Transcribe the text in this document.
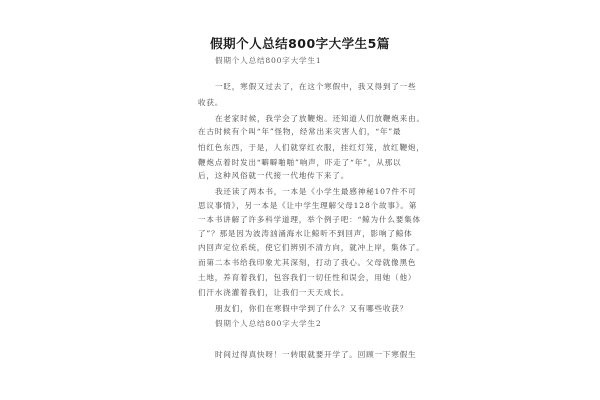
假期个人总结800字大学生5篇
假期个人总结800字大学生1
一眨，寒假又过去了，在这个寒假中，我又得到了一些
收获。
在老家时候，我学会了放鞭炮。还知道人们放鞭炮来由。
在古时候有个叫“年”怪物，经常出来灾害人们，“年”最
怕红色东西，于是，人们就穿红衣服，挂红灯笼，放红鞭炮，
鞭炮点着时发出“噼噼啪啪”响声，吓走了“年”，从那以
后，这种风俗就一代接一代地传下来了。
我还读了两本书，一本是《小学生最感神秘107件不可
思议事情》，另一本是《让中学生理解父母128个故事》。第
一本书讲解了许多科学道理，举个例子吧：“鲸为什么要集体
了”？那是因为波涛汹涌海水让鲸听不到回声，影响了鲸体
内回声定位系统，使它们辨别不清方向，就冲上岸，集体了。
而第二本书给我印象尤其深刻，打动了我心。父母就像黑色
土地，养育着我们，包容我们一切任性和误会，用她（他）
们汗水浇灌着我们，让我们一天天成长。
朋友们，你们在寒假中学到了什么？又有哪些收获？
假期个人总结800字大学生2
时间过得真快呀！一转眼就要开学了。回顾一下寒假生
